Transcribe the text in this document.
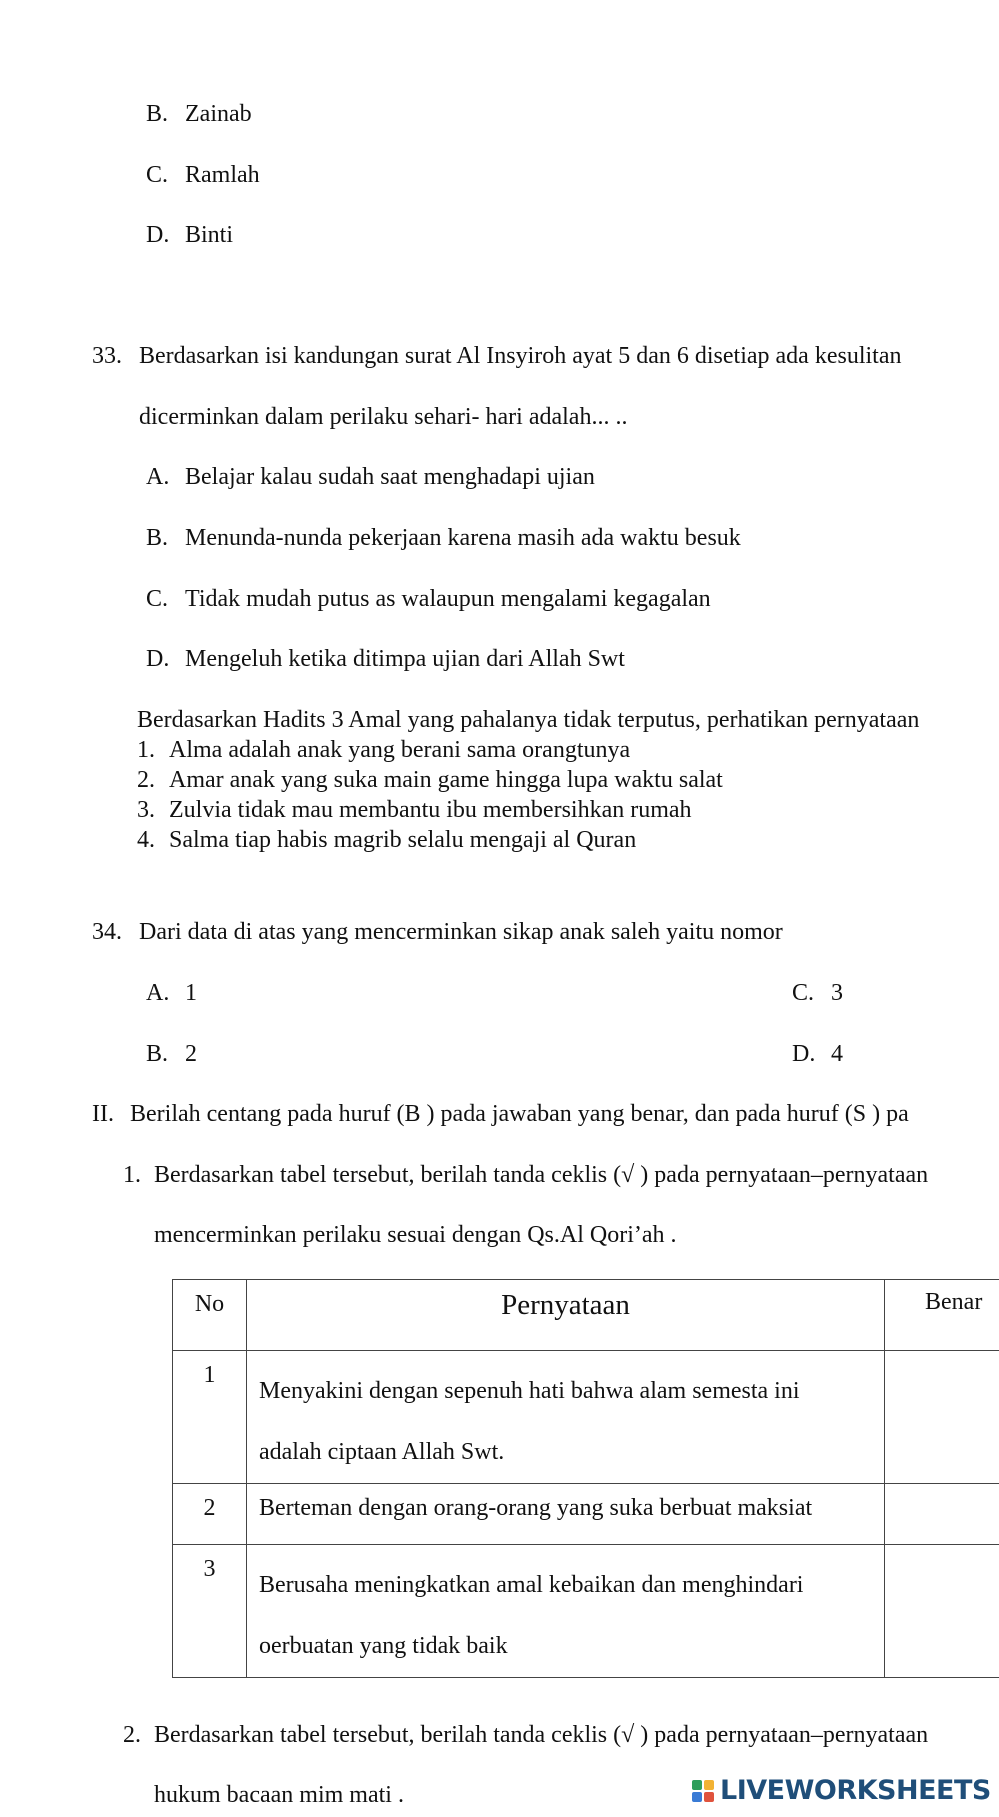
B. Zainab
C. Ramlah
D. Binti
33. Berdasarkan isi kandungan surat Al Insyiroh ayat 5 dan 6 disetiap ada kesulitan
dicerminkan dalam perilaku sehari- hari adalah... ..
A. Belajar kalau sudah saat menghadapi ujian
B. Menunda-nunda pekerjaan karena masih ada waktu besuk
C. Tidak mudah putus as walaupun mengalami kegagalan
D. Mengeluh ketika ditimpa ujian dari Allah Swt
Berdasarkan Hadits 3 Amal yang pahalanya tidak terputus, perhatikan pernyataan
1. Alma adalah anak yang berani sama orangtunya
2. Amar anak yang suka main game hingga lupa waktu salat
3. Zulvia tidak mau membantu ibu membersihkan rumah
4. Salma tiap habis magrib selalu mengaji al Quran
34. Dari data di atas yang mencerminkan sikap anak saleh yaitu nomor
A. 1	C. 3
B. 2	D. 4
II. Berilah centang pada huruf (B ) pada jawaban yang benar, dan pada huruf (S ) pa
1. Berdasarkan tabel tersebut, berilah tanda ceklis (√ ) pada pernyataan–pernyataan
mencerminkan perilaku sesuai dengan Qs.Al Qori’ah .
No	Pernyataan	Benar
1	Menyakini dengan sepenuh hati bahwa alam semesta ini
adalah ciptaan Allah Swt.	

2	Berteman dengan orang-orang yang suka berbuat maksiat	

3	Berusaha meningkatkan amal kebaikan dan menghindari
oerbuatan yang tidak baik	

2. Berdasarkan tabel tersebut, berilah tanda ceklis (√ ) pada pernyataan–pernyataan
hukum bacaan mim mati .	LIVEWORKSHEETS
